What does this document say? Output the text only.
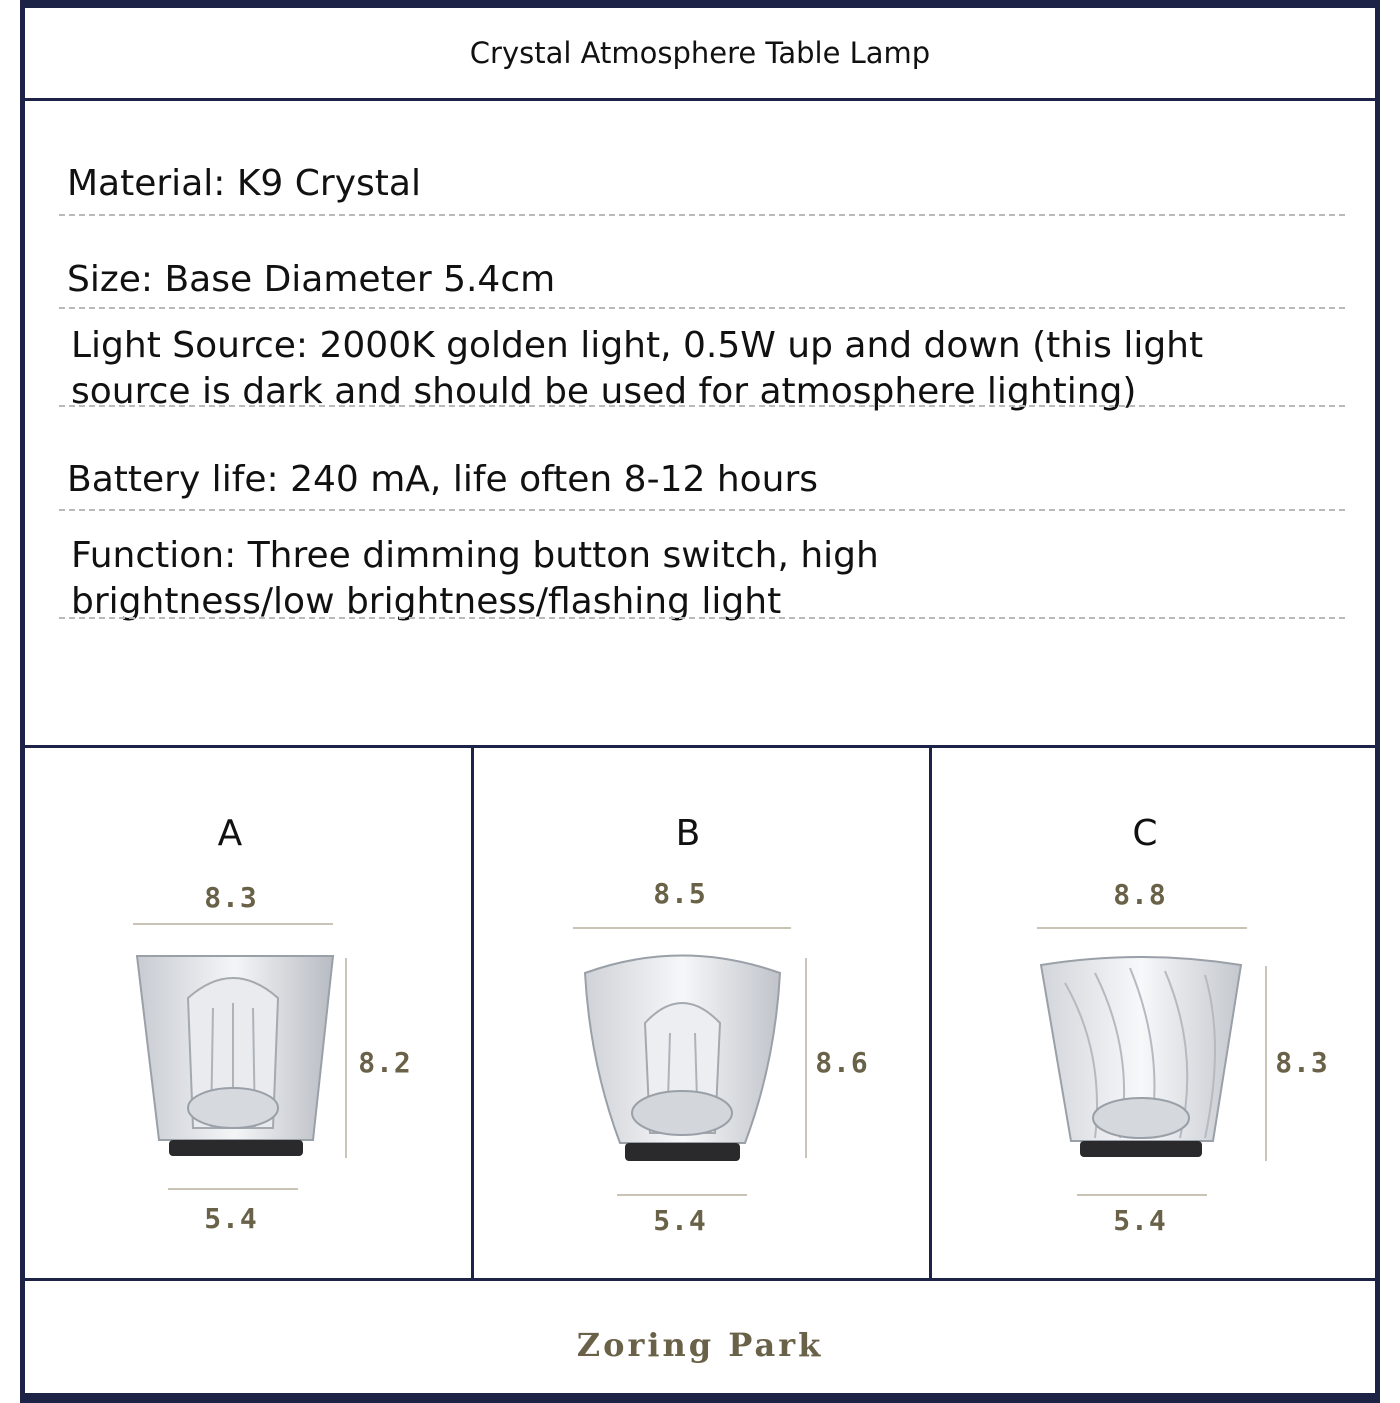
Crystal Atmosphere Table Lamp
Material: K9 Crystal
Size: Base Diameter 5.4cm
Light Source: 2000K golden light, 0.5W up and down (this light
source is dark and should be used for atmosphere lighting)
Battery life: 240 mA, life often 8-12 hours
Function: Three dimming button switch, high
brightness/low brightness/flashing light
A
8.3
8.2
5.4
B
8.5
8.6
5.4
C
8.8
8.3
5.4
Zoring Park
